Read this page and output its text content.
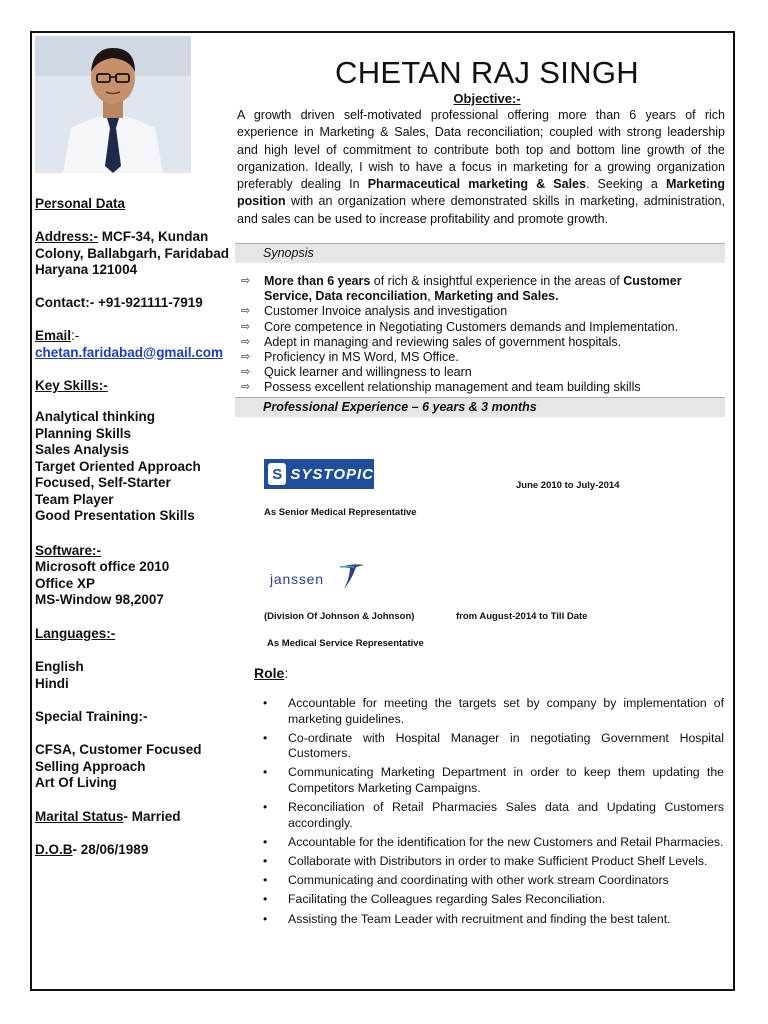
Personal Data
Address:- MCF-34, Kundan Colony, Ballabgarh, Faridabad Haryana 121004
Contact:- +91-921111-7919
Email:-
chetan.faridabad@gmail.com
Key Skills:-
Analytical thinking
Planning Skills
Sales Analysis
Target Oriented Approach
Focused, Self-Starter
Team Player
Good Presentation Skills
Software:-
Microsoft office 2010
Office XP
MS-Window 98,2007
Languages:-
English
Hindi
Special Training:-
CFSA, Customer Focused Selling Approach
Art Of Living
Marital Status- Married
D.O.B- 28/06/1989
CHETAN RAJ SINGH
Objective:-
A growth driven self-motivated professional offering more than 6 years of rich experience in Marketing & Sales, Data reconciliation; coupled with strong leadership and high level of commitment to contribute both top and bottom line growth of the organization. Ideally, I wish to have a focus in marketing for a growing organization preferably dealing In Pharmaceutical marketing & Sales. Seeking a Marketing position with an organization where demonstrated skills in marketing, administration, and sales can be used to increase profitability and promote growth.
Synopsis
⇨ More than 6 years of rich & insightful experience in the areas of Customer Service, Data reconciliation, Marketing and Sales.
⇨ Customer Invoice analysis and investigation
⇨ Core competence in Negotiating Customers demands and Implementation.
⇨ Adept in managing and reviewing sales of government hospitals.
⇨ Proficiency in MS Word, MS Office.
⇨ Quick learner and willingness to learn
⇨ Possess excellent relationship management and team building skills
Professional Experience – 6 years & 3 months
S SYSTOPIC
June 2010 to July-2014
As Senior Medical Representative
janssen
(Division Of Johnson & Johnson)	from August-2014 to Till Date
As Medical Service Representative
Role:
• Accountable for meeting the targets set by company by implementation of marketing guidelines.
• Co-ordinate with Hospital Manager in negotiating Government Hospital Customers.
• Communicating Marketing Department in order to keep them updating the Competitors Marketing Campaigns.
• Reconciliation of Retail Pharmacies Sales data and Updating Customers accordingly.
• Accountable for the identification for the new Customers and Retail Pharmacies.
• Collaborate with Distributors in order to make Sufficient Product Shelf Levels.
• Communicating and coordinating with other work stream Coordinators
• Facilitating the Colleagues regarding Sales Reconciliation.
• Assisting the Team Leader with recruitment and finding the best talent.
